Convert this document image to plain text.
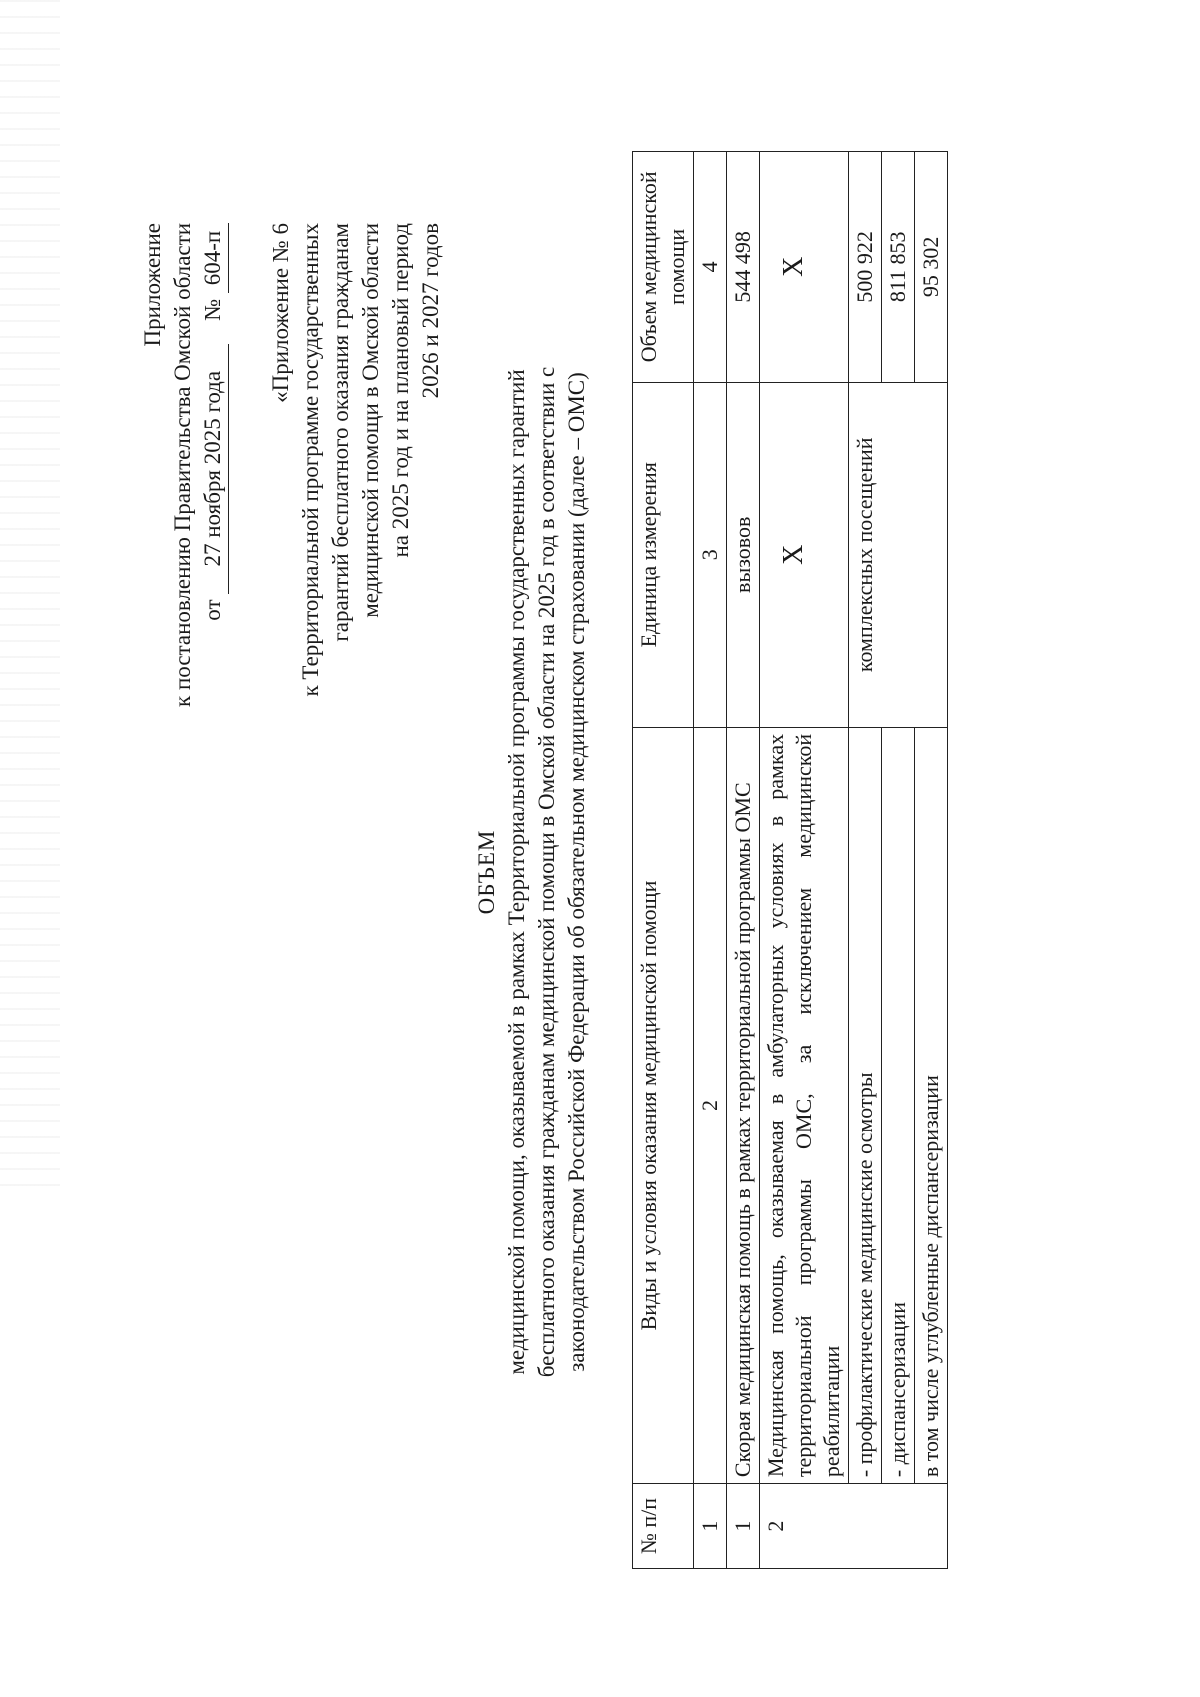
Приложение к постановлению Правительства Омской области от 27 ноября 2025 года    № 604-п «Приложение № 6 к Территориальной программе государственных гарантий бесплатного оказания гражданам медицинской помощи в Омской области на 2025 год и на плановый период 2026 и 2027 годов
ОБЪЕМ медицинской помощи, оказываемой в рамках Территориальной программы государственных гарантий бесплатного оказания гражданам медицинской помощи в Омской области на 2025 год в соответствии с законодательством Российской Федерации об обязательном медицинском страховании (далее – ОМС)
№ п/п	Виды и условия оказания медицинской помощи	Единица измерения	Объем медицинской помощи
1	2	3	4
1	Скорая медицинская помощь в рамках территориальной программы ОМС	вызовов	544 498
2	Медицинская помощь, оказываемая в амбулаторных условиях в рамках территориальной программы ОМС, за исключением медицинской реабилитации	Х	Х
	- профилактические медицинские осмотры	комплексных посещений	500 922
	- диспансеризации		811 853
	в том числе углубленные диспансеризации		95 302
